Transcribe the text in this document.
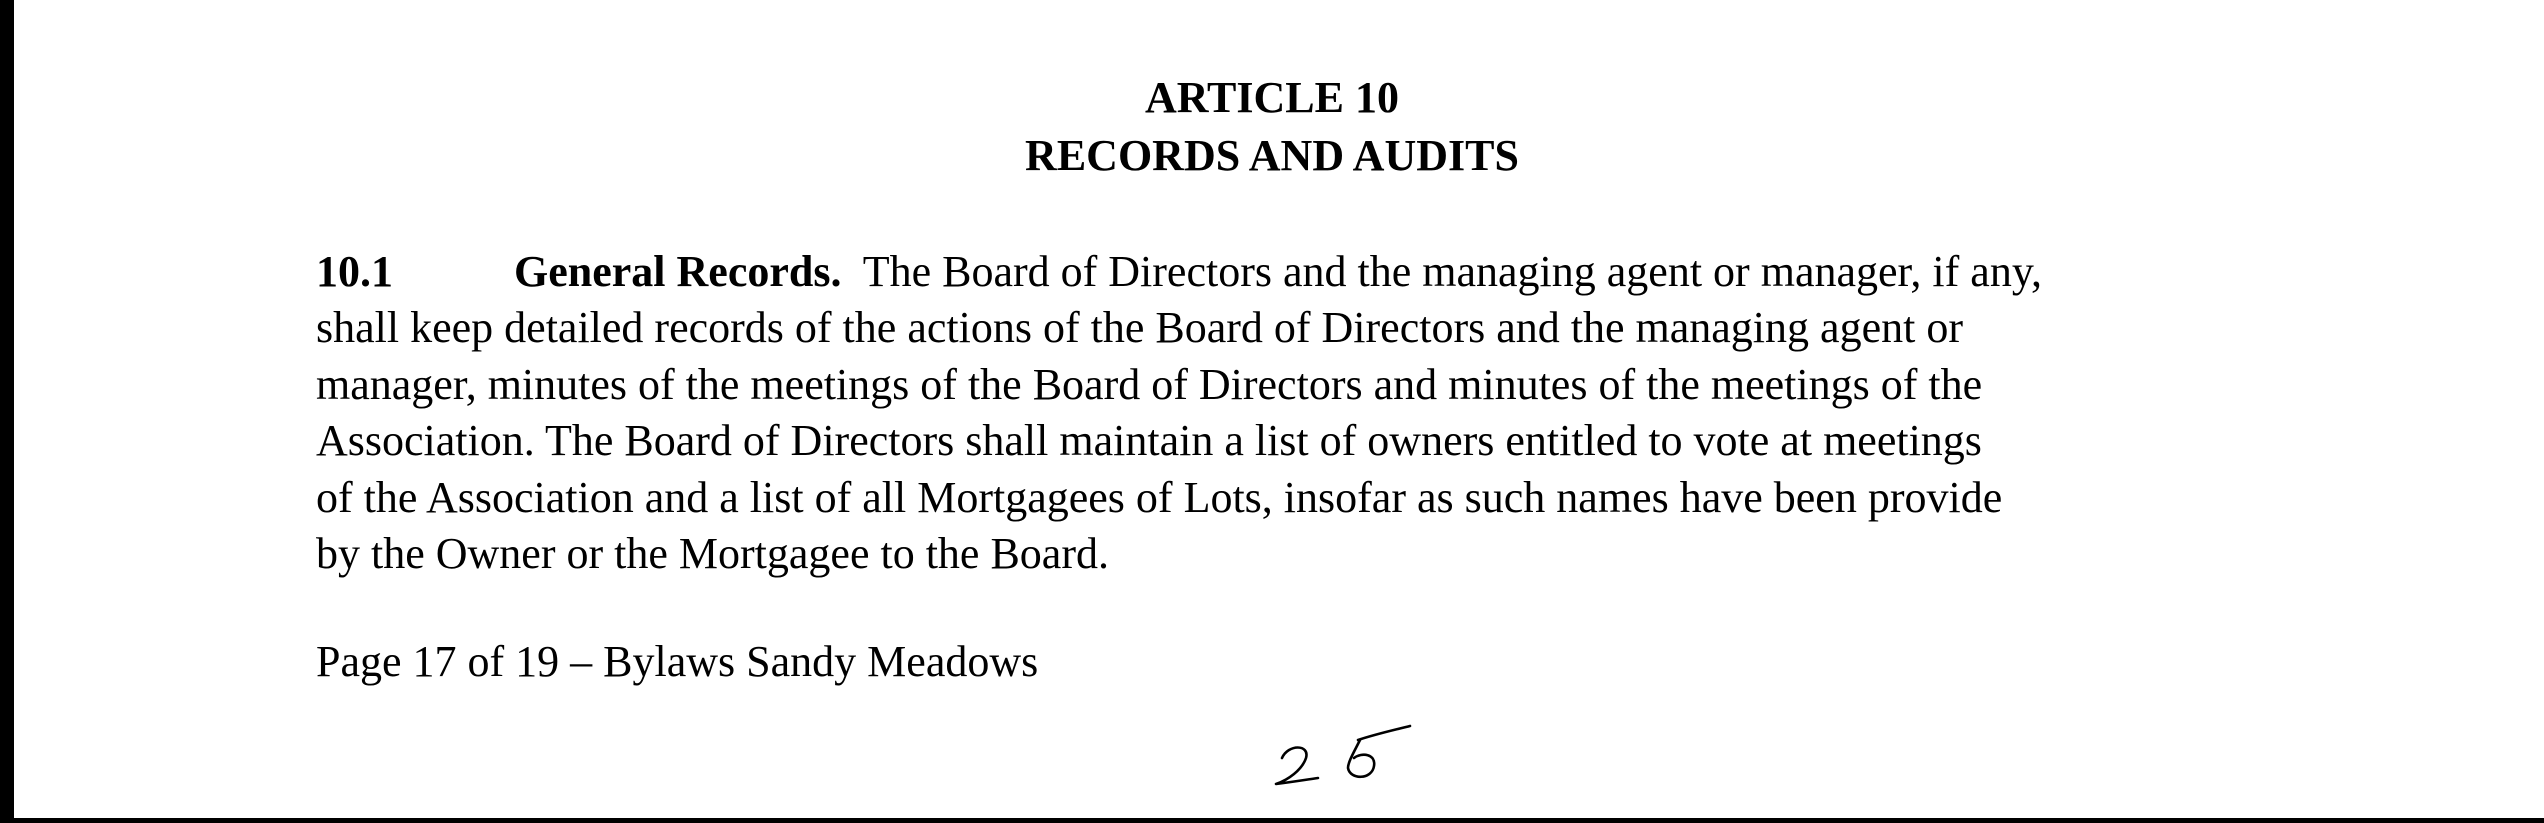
ARTICLE 10
RECORDS AND AUDITS
10.1	General Records. The Board of Directors and the managing agent or manager, if any,
shall keep detailed records of the actions of the Board of Directors and the managing agent or
manager, minutes of the meetings of the Board of Directors and minutes of the meetings of the
Association. The Board of Directors shall maintain a list of owners entitled to vote at meetings
of the Association and a list of all Mortgagees of Lots, insofar as such names have been provide
by the Owner or the Mortgagee to the Board.
Page 17 of 19 – Bylaws Sandy Meadows
